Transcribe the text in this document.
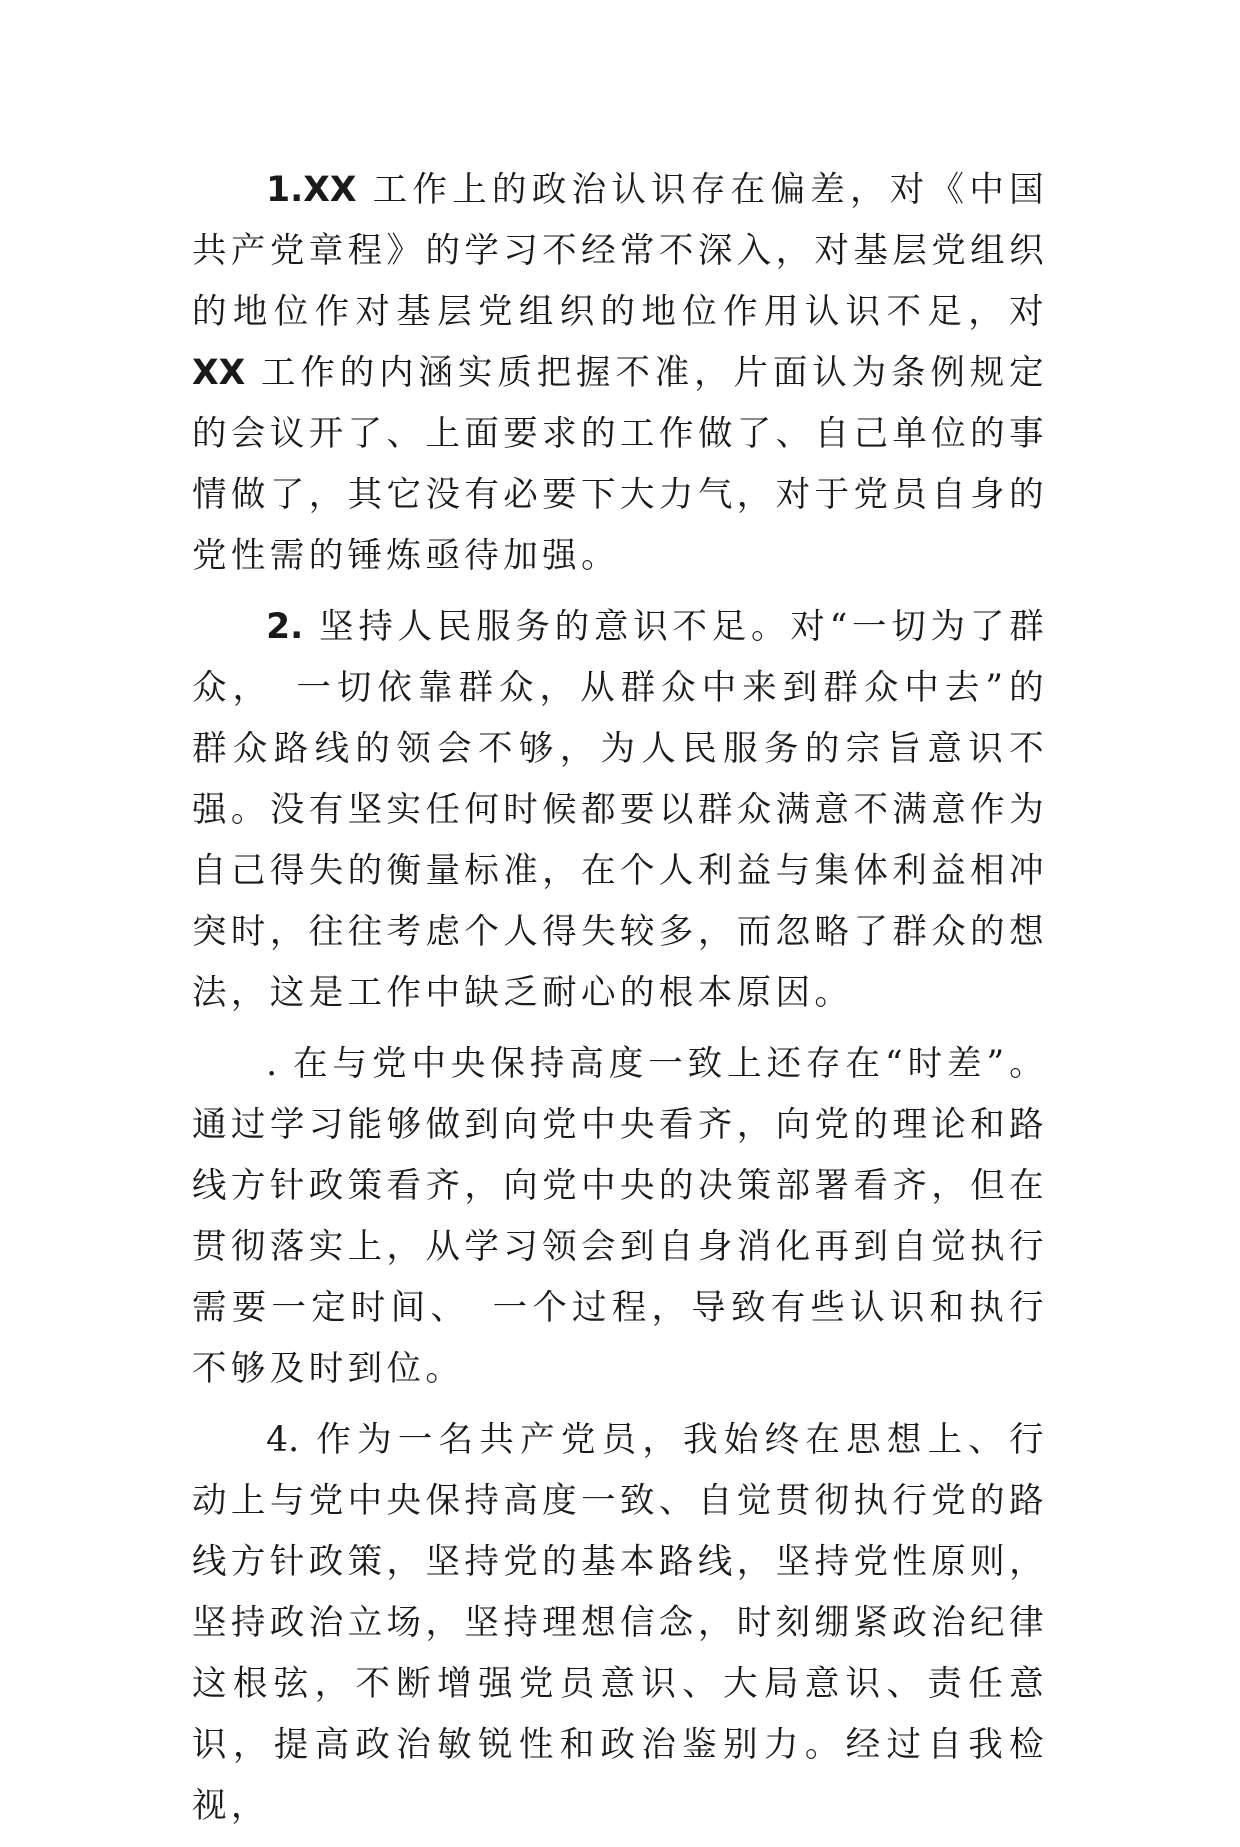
1.XX 工作上的政治认识存在偏差，对《中国共产党章程》的学习不经常不深入，对基层党组织的地位作对基层党组织的地位作用认识不足，对 XX 工作的内涵实质把握不准，片面认为条例规定的会议开了、上面要求的工作做了、自己单位的事情做了，其它没有必要下大力气，对于党员自身的党性需的锤炼亟待加强。

2. 坚持人民服务的意识不足。对“一切为了群众，　一切依靠群众，从群众中来到群众中去”的群众路线的领会不够，为人民服务的宗旨意识不强。没有坚实任何时候都要以群众满意不满意作为自己得失的衡量标准，在个人利益与集体利益相冲突时，往往考虑个人得失较多，而忽略了群众的想法，这是工作中缺乏耐心的根本原因。

. 在与党中央保持高度一致上还存在“时差”。通过学习能够做到向党中央看齐，向党的理论和路线方针政策看齐，向党中央的决策部署看齐，但在贯彻落实上，从学习领会到自身消化再到自觉执行需要一定时间、　一个过程，导致有些认识和执行不够及时到位。

4. 作为一名共产党员，我始终在思想上、行动上与党中央保持高度一致、自觉贯彻执行党的路线方针政策，坚持党的基本路线，坚持党性原则，坚持政治立场，坚持理想信念，时刻绷紧政治纪律这根弦，不断增强党员意识、大局意识、责任意识，提高政治敏锐性和政治鉴别力。经过自我检视，
